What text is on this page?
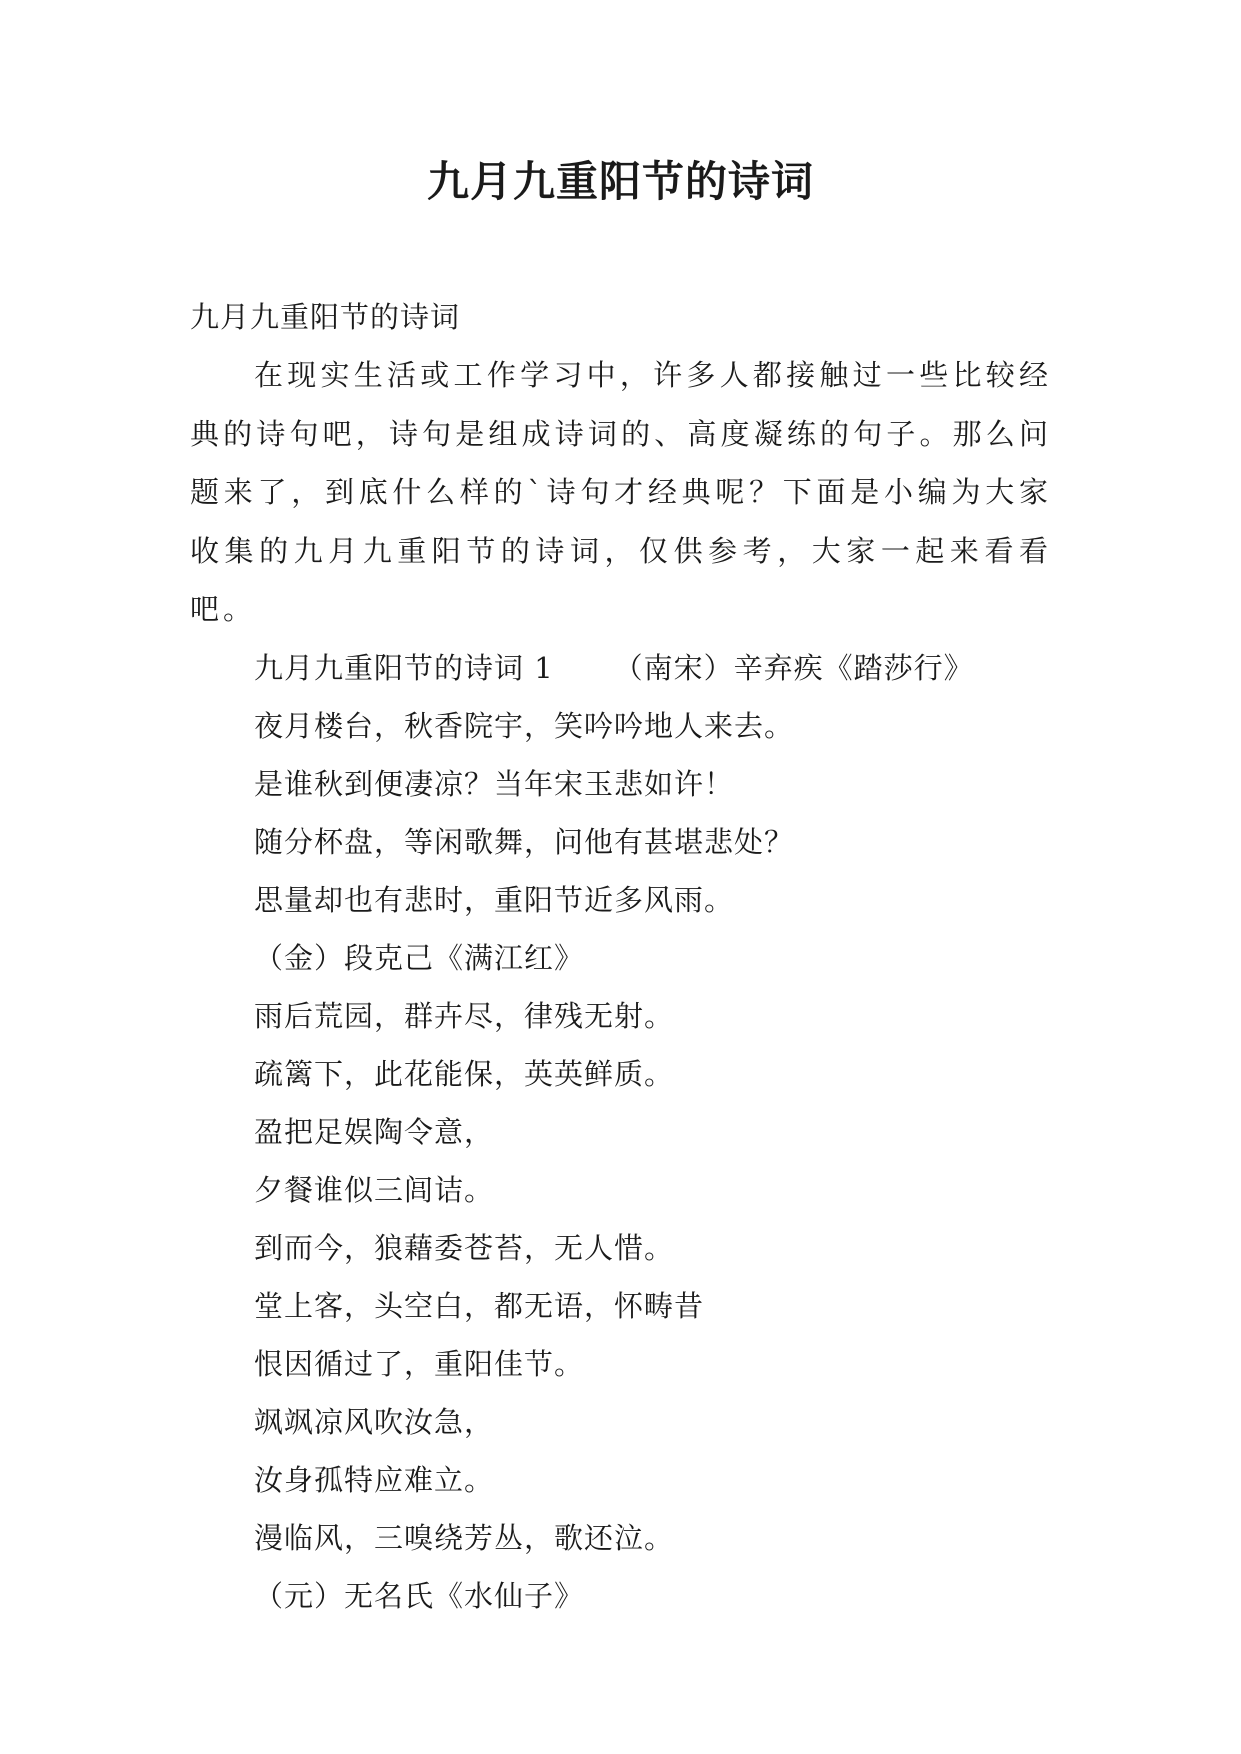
九月九重阳节的诗词

九月九重阳节的诗词

在现实生活或工作学习中，许多人都接触过一些比较经典的诗句吧，诗句是组成诗词的、高度凝练的句子。那么问题来了，到底什么样的`诗句才经典呢？下面是小编为大家收集的九月九重阳节的诗词，仅供参考，大家一起来看看吧。

九月九重阳节的诗词 1 （南宋）辛弃疾《踏莎行》

夜月楼台，秋香院宇，笑吟吟地人来去。

是谁秋到便凄凉？当年宋玉悲如许！

随分杯盘，等闲歌舞，问他有甚堪悲处？

思量却也有悲时，重阳节近多风雨。

（金）段克己《满江红》

雨后荒园，群卉尽，律残无射。

疏篱下，此花能保，英英鲜质。

盈把足娱陶令意，

夕餐谁似三闾诘。

到而今，狼藉委苍苔，无人惜。

堂上客，头空白，都无语，怀畴昔

恨因循过了，重阳佳节。

飒飒凉风吹汝急，

汝身孤特应难立。

漫临风，三嗅绕芳丛，歌还泣。

（元）无名氏《水仙子》
